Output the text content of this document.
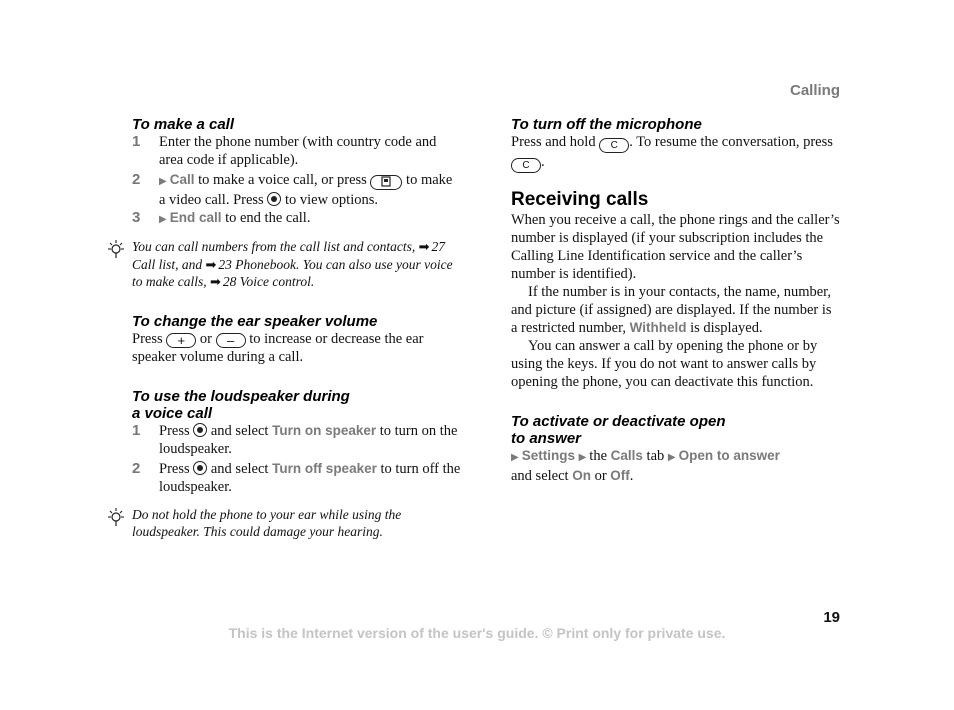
Calling
To make a call
1 Enter the phone number (with country code and area code if applicable).
2 ▶ Call to make a voice call, or press	to make a video call. Press to view options.
3 ▶ End call to end the call.
You can call numbers from the call list and contacts, ➡ 27 Call list, and ➡ 23 Phonebook. You can also use your voice to make calls, ➡ 28 Voice control.
To change the ear speaker volume

Press + or – to increase or decrease the ear speaker volume during a call.

To use the loudspeaker during
a voice call
1 Press and select Turn on speaker to turn on the loudspeaker.
2 Press and select Turn off speaker to turn off the loudspeaker.
Do not hold the phone to your ear while using the loudspeaker. This could damage your hearing.
To turn off the microphone

Press and hold C . To resume the conversation, press C .

Receiving calls

When you receive a call, the phone rings and the caller’s number is displayed (if your subscription includes the Calling Line Identification service and the caller’s number is identified).

If the number is in your contacts, the name, number, and picture (if assigned) are displayed. If the number is a restricted number, Withheld is displayed.

You can answer a call by opening the phone or by using the keys. If you do not want to answer calls by opening the phone, you can deactivate this function.

To activate or deactivate open
to answer

▶ Settings ▶ the Calls tab ▶ Open to answer
and select On or Off.

19
This is the Internet version of the user's guide. © Print only for private use.
